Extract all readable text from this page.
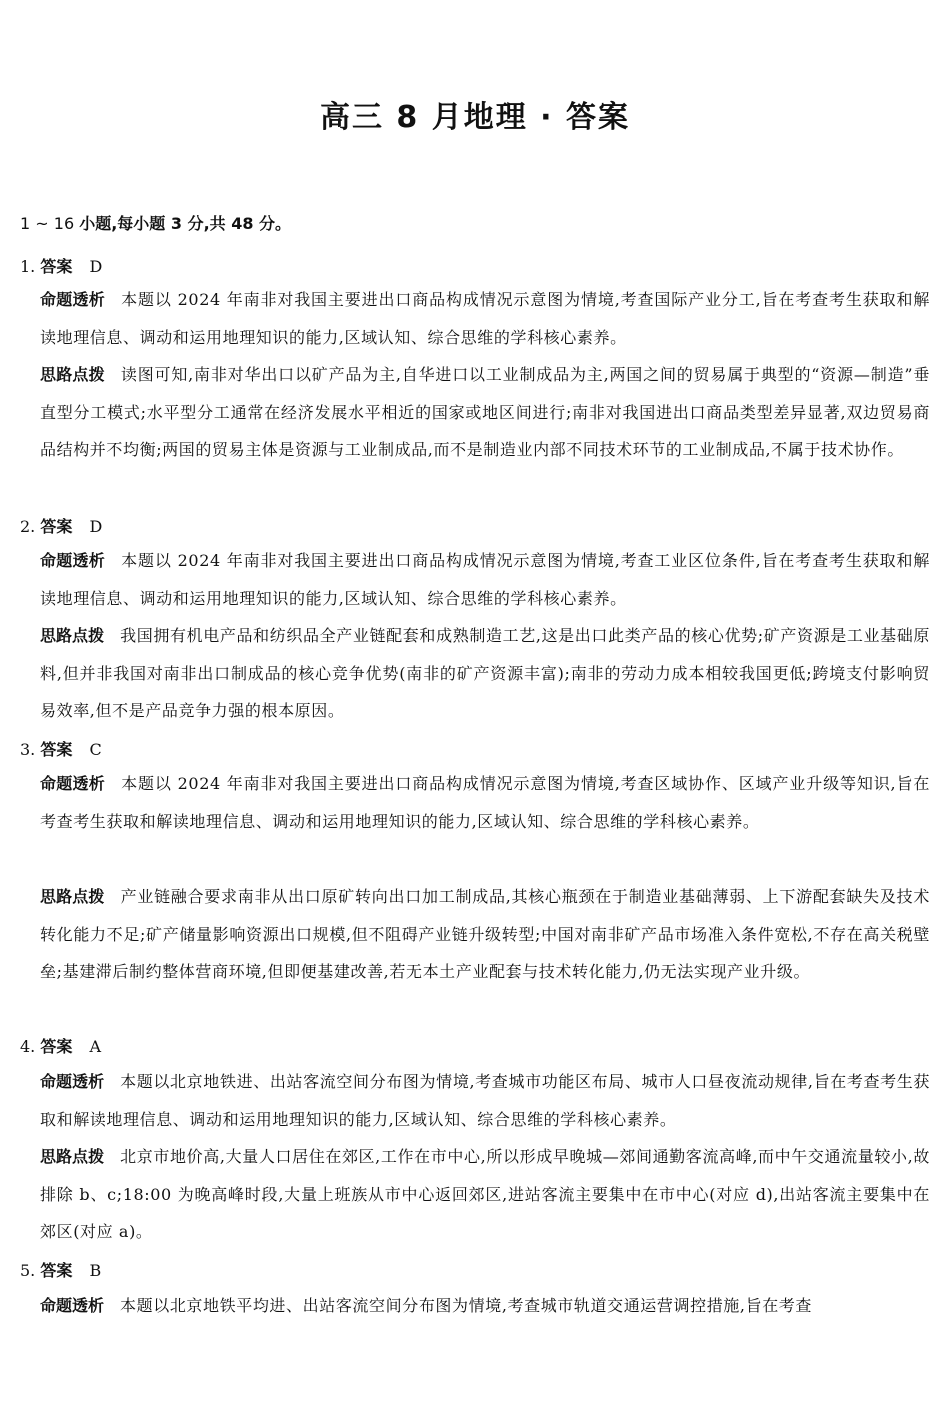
高三 8 月地理 · 答案
1 ~ 16 小题,每小题 3 分,共 48 分。
1. 答案 D
命题透析 本题以 2024 年南非对我国主要进出口商品构成情况示意图为情境,考查国际产业分工,旨在考查考生获取和解读地理信息、调动和运用地理知识的能力,区域认知、综合思维的学科核心素养。
思路点拨 读图可知,南非对华出口以矿产品为主,自华进口以工业制成品为主,两国之间的贸易属于典型的“资源—制造”垂直型分工模式;水平型分工通常在经济发展水平相近的国家或地区间进行;南非对我国进出口商品类型差异显著,双边贸易商品结构并不均衡;两国的贸易主体是资源与工业制成品,而不是制造业内部不同技术环节的工业制成品,不属于技术协作。
2. 答案 D
命题透析 本题以 2024 年南非对我国主要进出口商品构成情况示意图为情境,考查工业区位条件,旨在考查考生获取和解读地理信息、调动和运用地理知识的能力,区域认知、综合思维的学科核心素养。
思路点拨 我国拥有机电产品和纺织品全产业链配套和成熟制造工艺,这是出口此类产品的核心优势;矿产资源是工业基础原料,但并非我国对南非出口制成品的核心竞争优势(南非的矿产资源丰富);南非的劳动力成本相较我国更低;跨境支付影响贸易效率,但不是产品竞争力强的根本原因。
3. 答案 C
命题透析 本题以 2024 年南非对我国主要进出口商品构成情况示意图为情境,考查区域协作、区域产业升级等知识,旨在考查考生获取和解读地理信息、调动和运用地理知识的能力,区域认知、综合思维的学科核心素养。
思路点拨 产业链融合要求南非从出口原矿转向出口加工制成品,其核心瓶颈在于制造业基础薄弱、上下游配套缺失及技术转化能力不足;矿产储量影响资源出口规模,但不阻碍产业链升级转型;中国对南非矿产品市场准入条件宽松,不存在高关税壁垒;基建滞后制约整体营商环境,但即便基建改善,若无本土产业配套与技术转化能力,仍无法实现产业升级。
4. 答案 A
命题透析 本题以北京地铁进、出站客流空间分布图为情境,考查城市功能区布局、城市人口昼夜流动规律,旨在考查考生获取和解读地理信息、调动和运用地理知识的能力,区域认知、综合思维的学科核心素养。
思路点拨 北京市地价高,大量人口居住在郊区,工作在市中心,所以形成早晚城—郊间通勤客流高峰,而中午交通流量较小,故排除 b、c;18:00 为晚高峰时段,大量上班族从市中心返回郊区,进站客流主要集中在市中心(对应 d),出站客流主要集中在郊区(对应 a)。
5. 答案 B
命题透析 本题以北京地铁平均进、出站客流空间分布图为情境,考查城市轨道交通运营调控措施,旨在考查
